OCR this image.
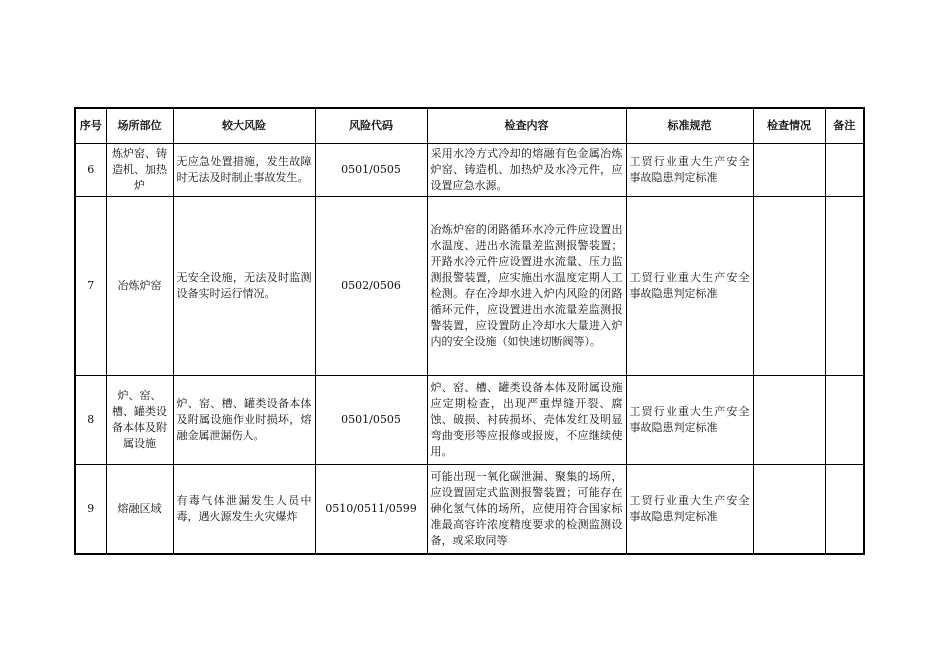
序号	场所部位	较大风险	风险代码	检查内容	标准规范	检查情况	备注
6	炼炉窑、铸造机、加热炉	无应急处置措施，发生故障时无法及时制止事故发生。	0501/0505	采用水冷方式冷却的熔融有色金属冶炼炉窑、铸造机、加热炉及水冷元件，应设置应急水源。	工贸行业重大生产安全事故隐患判定标准		
7	冶炼炉窑	无安全设施，无法及时监测设备实时运行情况。	0502/0506	冶炼炉窑的闭路循环水冷元件应设置出水温度、进出水流量差监测报警装置；开路水冷元件应设置进水流量、压力监测报警装置，应实施出水温度定期人工检测。存在冷却水进入炉内风险的闭路循环元件，应设置进出水流量差监测报警装置，应设置防止冷却水大量进入炉内的安全设施（如快速切断阀等）。	工贸行业重大生产安全事故隐患判定标准		
8	炉、窑、槽、罐类设备本体及附属设施	炉、窑、槽、罐类设备本体及附属设施作业时损坏，熔融金属泄漏伤人。	0501/0505	炉、窑、槽、罐类设备本体及附属设施应定期检查，出现严重焊缝开裂、腐蚀、破损、衬砖损坏、壳体发红及明显弯曲变形等应报修或报废，不应继续使用。	工贸行业重大生产安全事故隐患判定标准		
9	熔融区域	有毒气体泄漏发生人员中毒，遇火源发生火灾爆炸	0510/0511/0599	可能出现一氧化碳泄漏、聚集的场所，应设置固定式监测报警装置；可能存在砷化氢气体的场所，应使用符合国家标准最高容许浓度精度要求的检测监测设备，或采取同等	工贸行业重大生产安全事故隐患判定标准		
